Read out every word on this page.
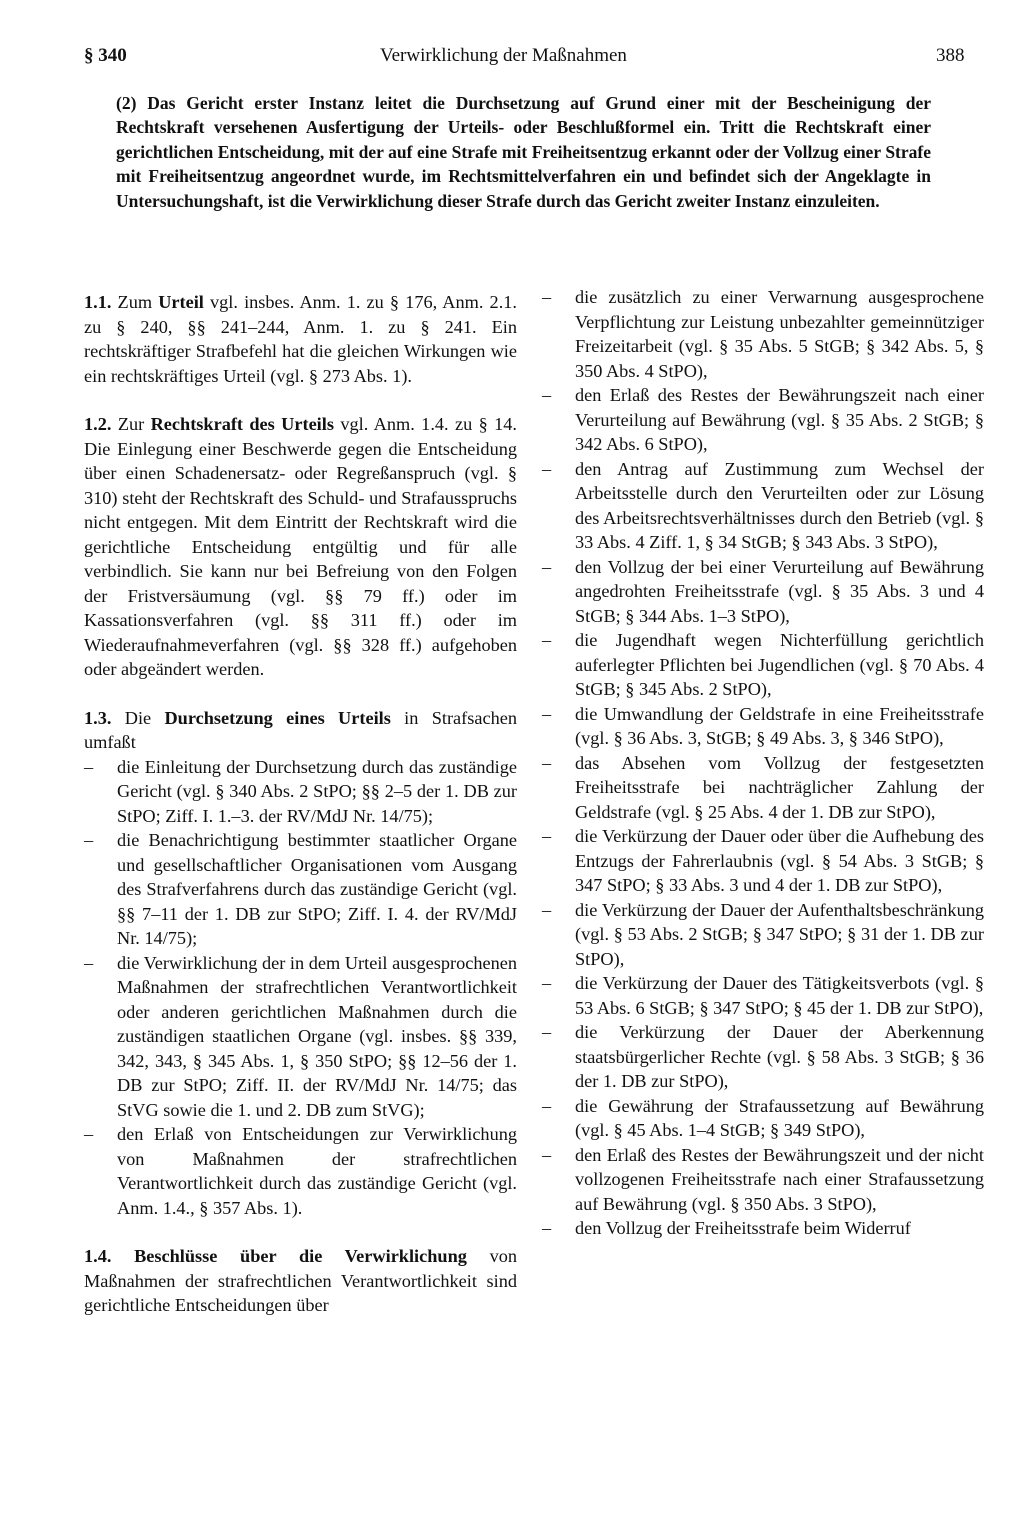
§ 340	Verwirklichung der Maßnahmen	388
(2) Das Gericht erster Instanz leitet die Durchsetzung auf Grund einer mit der Bescheinigung der Rechtskraft versehenen Ausfertigung der Urteils- oder Beschlußformel ein. Tritt die Rechtskraft einer gerichtlichen Entscheidung, mit der auf eine Strafe mit Freiheitsentzug erkannt oder der Vollzug einer Strafe mit Freiheitsentzug angeordnet wurde, im Rechtsmittelverfahren ein und befindet sich der Angeklagte in Untersuchungshaft, ist die Verwirklichung dieser Strafe durch das Gericht zweiter Instanz einzuleiten.

1.1. Zum Urteil vgl. insbes. Anm. 1. zu § 176, Anm. 2.1. zu § 240, §§ 241–244, Anm. 1. zu § 241. Ein rechtskräftiger Strafbefehl hat die gleichen Wirkungen wie ein rechtskräftiges Urteil (vgl. § 273 Abs. 1).

1.2. Zur Rechtskraft des Urteils vgl. Anm. 1.4. zu § 14. Die Einlegung einer Beschwerde gegen die Entscheidung über einen Schadenersatz- oder Regreßanspruch (vgl. § 310) steht der Rechtskraft des Schuld- und Strafausspruchs nicht entgegen. Mit dem Eintritt der Rechtskraft wird die gerichtliche Entscheidung entgültig und für alle verbindlich. Sie kann nur bei Befreiung von den Folgen der Fristversäumung (vgl. §§ 79 ff.) oder im Kassationsverfahren (vgl. §§ 311 ff.) oder im Wiederaufnahmeverfahren (vgl. §§ 328 ff.) aufgehoben oder abgeändert werden.

1.3. Die Durchsetzung eines Urteils in Strafsachen umfaßt

– die Einleitung der Durchsetzung durch das zuständige Gericht (vgl. § 340 Abs. 2 StPO; §§ 2–5 der 1. DB zur StPO; Ziff. I. 1.–3. der RV/MdJ Nr. 14/75);
– die Benachrichtigung bestimmter staatlicher Organe und gesellschaftlicher Organisationen vom Ausgang des Strafverfahrens durch das zuständige Gericht (vgl. §§ 7–11 der 1. DB zur StPO; Ziff. I. 4. der RV/MdJ Nr. 14/75);
– die Verwirklichung der in dem Urteil ausgesprochenen Maßnahmen der strafrechtlichen Verantwortlichkeit oder anderen gerichtlichen Maßnahmen durch die zuständigen staatlichen Organe (vgl. insbes. §§ 339, 342, 343, § 345 Abs. 1, § 350 StPO; §§ 12–56 der 1. DB zur StPO; Ziff. II. der RV/MdJ Nr. 14/75; das StVG sowie die 1. und 2. DB zum StVG);
– den Erlaß von Entscheidungen zur Verwirklichung von Maßnahmen der strafrechtlichen Verantwortlichkeit durch das zuständige Gericht (vgl. Anm. 1.4., § 357 Abs. 1).

1.4. Beschlüsse über die Verwirklichung von Maßnahmen der strafrechtlichen Verantwortlichkeit sind gerichtliche Entscheidungen über

– die zusätzlich zu einer Verwarnung ausgesprochene Verpflichtung zur Leistung unbezahlter gemeinnütziger Freizeitarbeit (vgl. § 35 Abs. 5 StGB; § 342 Abs. 5, § 350 Abs. 4 StPO),
– den Erlaß des Restes der Bewährungszeit nach einer Verurteilung auf Bewährung (vgl. § 35 Abs. 2 StGB; § 342 Abs. 6 StPO),
– den Antrag auf Zustimmung zum Wechsel der Arbeitsstelle durch den Verurteilten oder zur Lösung des Arbeitsrechtsverhältnisses durch den Betrieb (vgl. § 33 Abs. 4 Ziff. 1, § 34 StGB; § 343 Abs. 3 StPO),
– den Vollzug der bei einer Verurteilung auf Bewährung angedrohten Freiheitsstrafe (vgl. § 35 Abs. 3 und 4 StGB; § 344 Abs. 1–3 StPO),
– die Jugendhaft wegen Nichterfüllung gerichtlich auferlegter Pflichten bei Jugendlichen (vgl. § 70 Abs. 4 StGB; § 345 Abs. 2 StPO),
– die Umwandlung der Geldstrafe in eine Freiheitsstrafe (vgl. § 36 Abs. 3, StGB; § 49 Abs. 3, § 346 StPO),
– das Absehen vom Vollzug der festgesetzten Freiheitsstrafe bei nachträglicher Zahlung der Geldstrafe (vgl. § 25 Abs. 4 der 1. DB zur StPO),
– die Verkürzung der Dauer oder über die Aufhebung des Entzugs der Fahrerlaubnis (vgl. § 54 Abs. 3 StGB; § 347 StPO; § 33 Abs. 3 und 4 der 1. DB zur StPO),
– die Verkürzung der Dauer der Aufenthaltsbeschränkung (vgl. § 53 Abs. 2 StGB; § 347 StPO; § 31 der 1. DB zur StPO),
– die Verkürzung der Dauer des Tätigkeitsverbots (vgl. § 53 Abs. 6 StGB; § 347 StPO; § 45 der 1. DB zur StPO),
– die Verkürzung der Dauer der Aberkennung staatsbürgerlicher Rechte (vgl. § 58 Abs. 3 StGB; § 36 der 1. DB zur StPO),
– die Gewährung der Strafaussetzung auf Bewährung (vgl. § 45 Abs. 1–4 StGB; § 349 StPO),
– den Erlaß des Restes der Bewährungszeit und der nicht vollzogenen Freiheitsstrafe nach einer Strafaussetzung auf Bewährung (vgl. § 350 Abs. 3 StPO),
– den Vollzug der Freiheitsstrafe beim Widerruf
